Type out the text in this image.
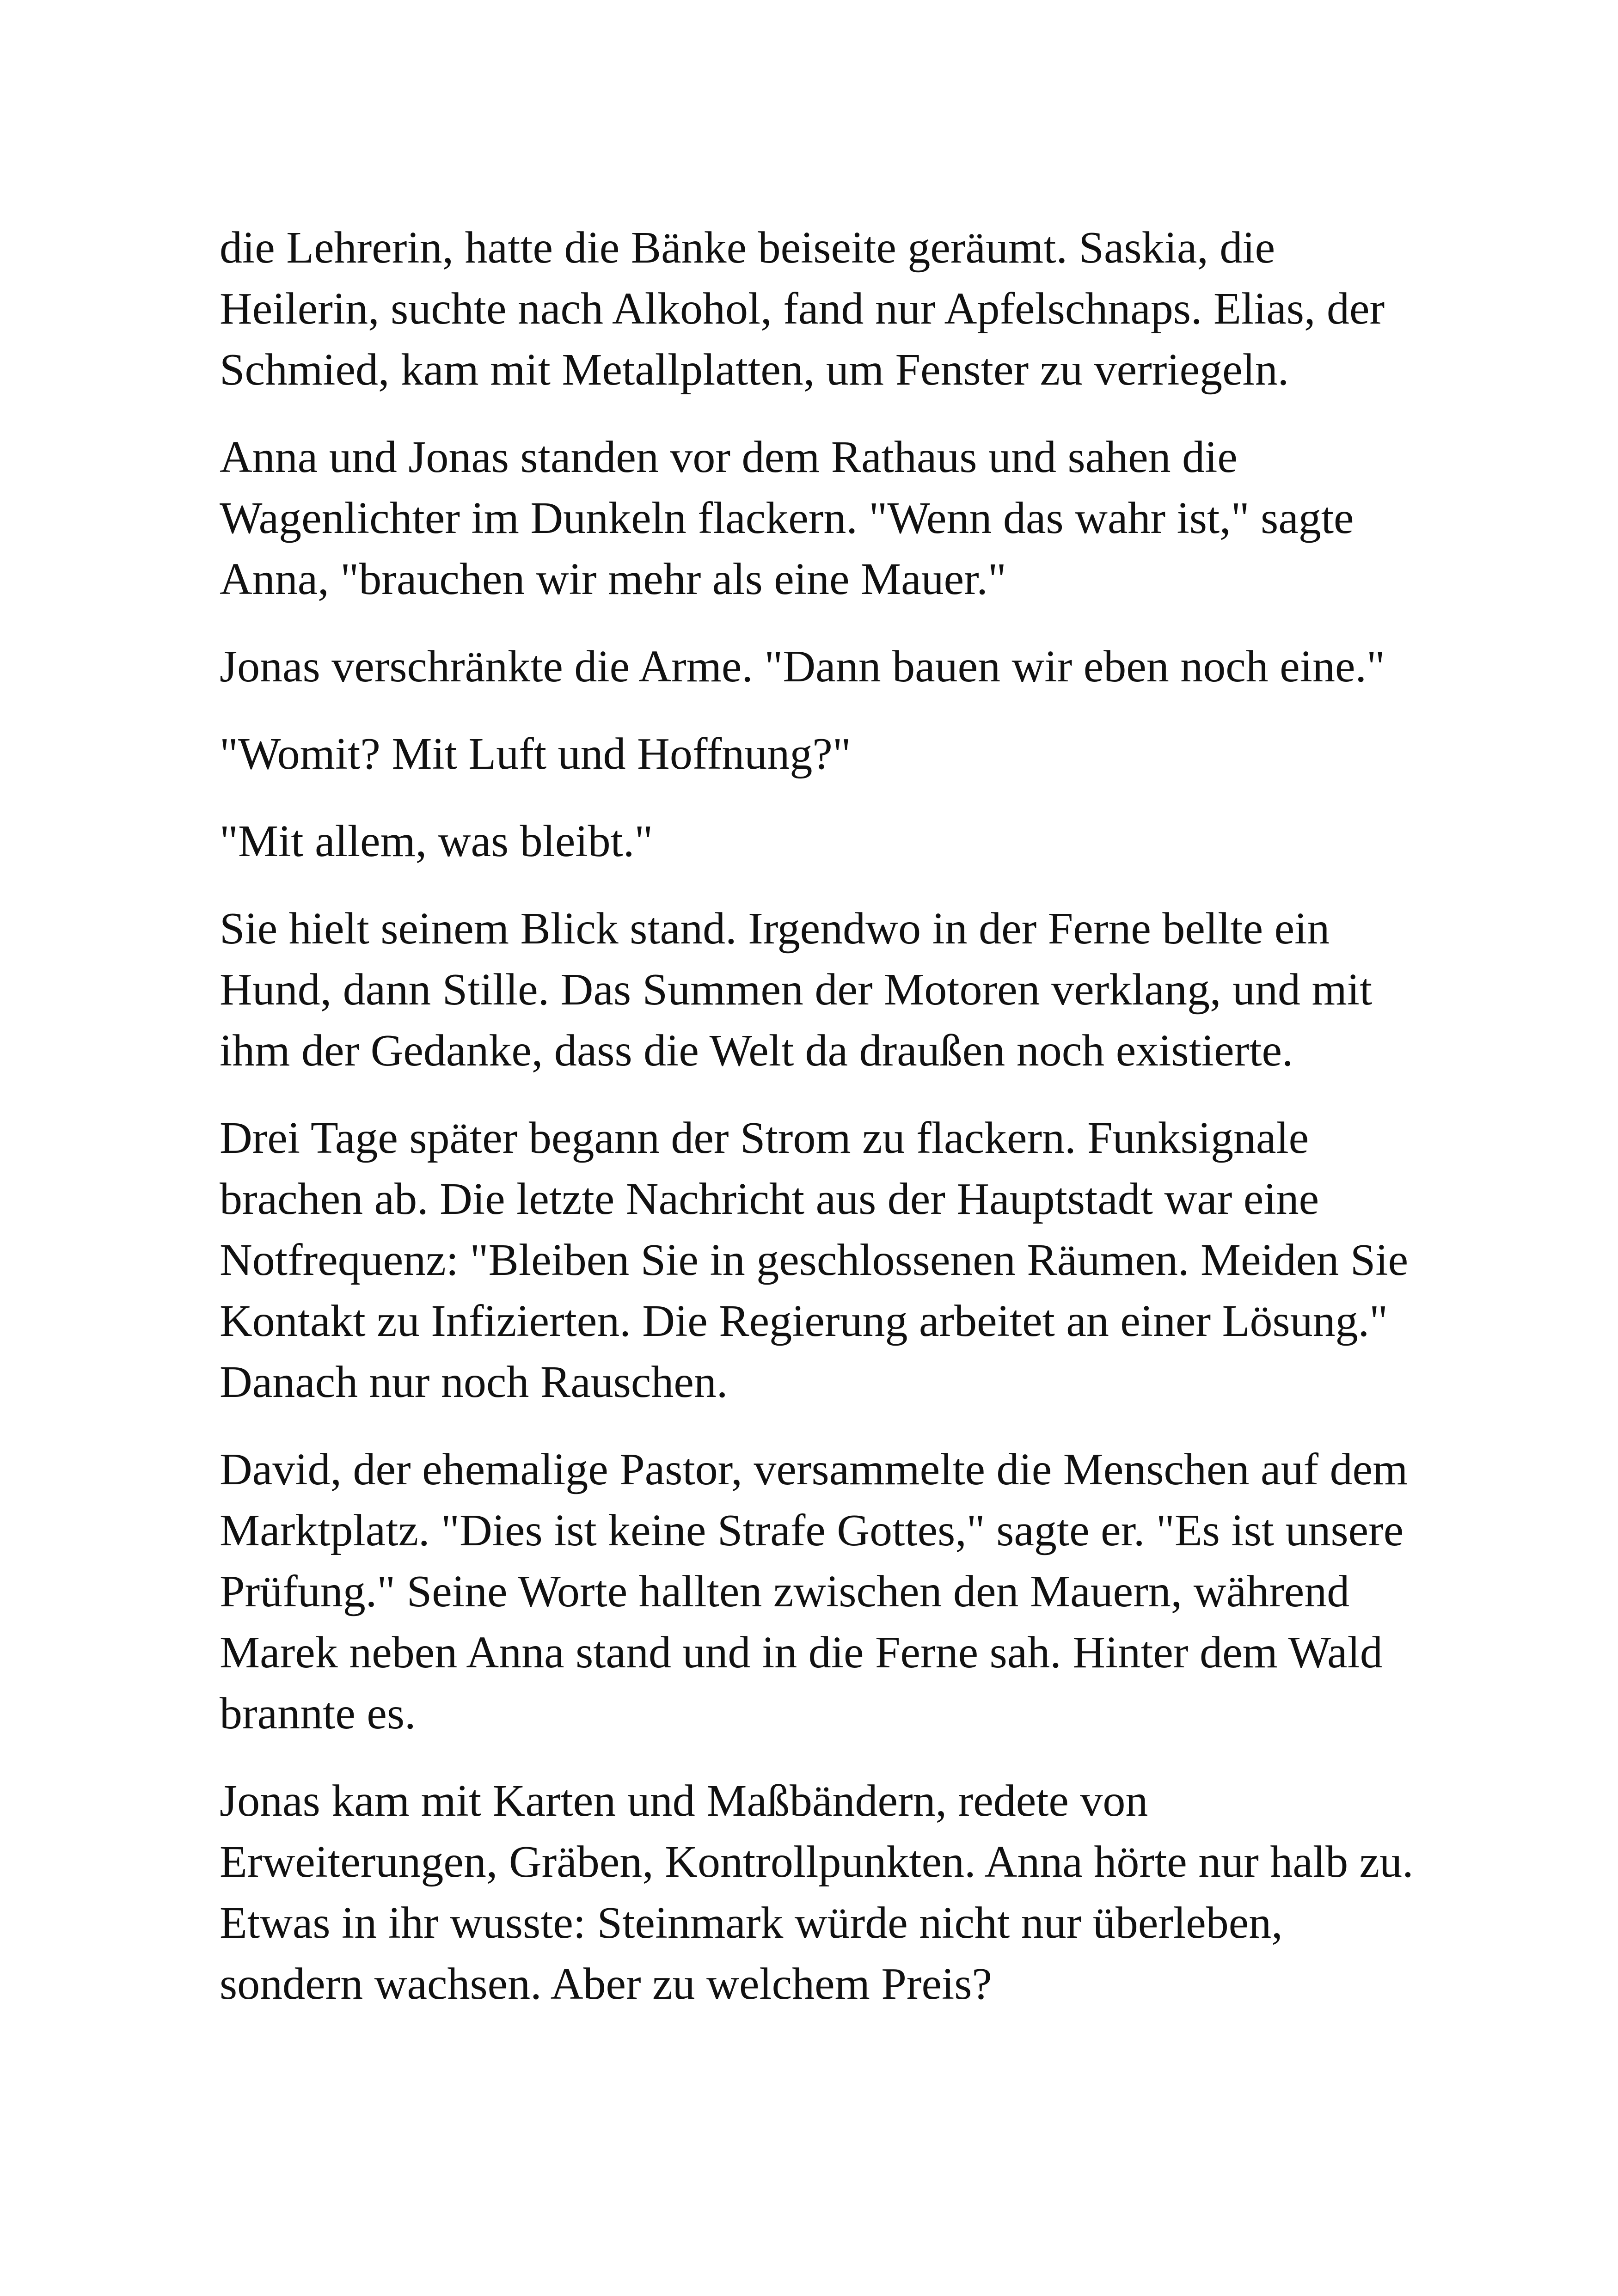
die Lehrerin, hatte die Bänke beiseite geräumt. Saskia, die Heilerin, suchte nach Alkohol, fand nur Apfelschnaps. Elias, der Schmied, kam mit Metallplatten, um Fenster zu verriegeln.

Anna und Jonas standen vor dem Rathaus und sahen die Wagenlichter im Dunkeln flackern. "Wenn das wahr ist," sagte Anna, "brauchen wir mehr als eine Mauer."

Jonas verschränkte die Arme. "Dann bauen wir eben noch eine."

"Womit? Mit Luft und Hoffnung?"

"Mit allem, was bleibt."

Sie hielt seinem Blick stand. Irgendwo in der Ferne bellte ein Hund, dann Stille. Das Summen der Motoren verklang, und mit ihm der Gedanke, dass die Welt da draußen noch existierte.

Drei Tage später begann der Strom zu flackern. Funksignale brachen ab. Die letzte Nachricht aus der Hauptstadt war eine Notfrequenz: "Bleiben Sie in geschlossenen Räumen. Meiden Sie Kontakt zu Infizierten. Die Regierung arbeitet an einer Lösung." Danach nur noch Rauschen.

David, der ehemalige Pastor, versammelte die Menschen auf dem Marktplatz. "Dies ist keine Strafe Gottes," sagte er. "Es ist unsere Prüfung." Seine Worte hallten zwischen den Mauern, während Marek neben Anna stand und in die Ferne sah. Hinter dem Wald brannte es.

Jonas kam mit Karten und Maßbändern, redete von Erweiterungen, Gräben, Kontrollpunkten. Anna hörte nur halb zu. Etwas in ihr wusste: Steinmark würde nicht nur überleben, sondern wachsen. Aber zu welchem Preis?
